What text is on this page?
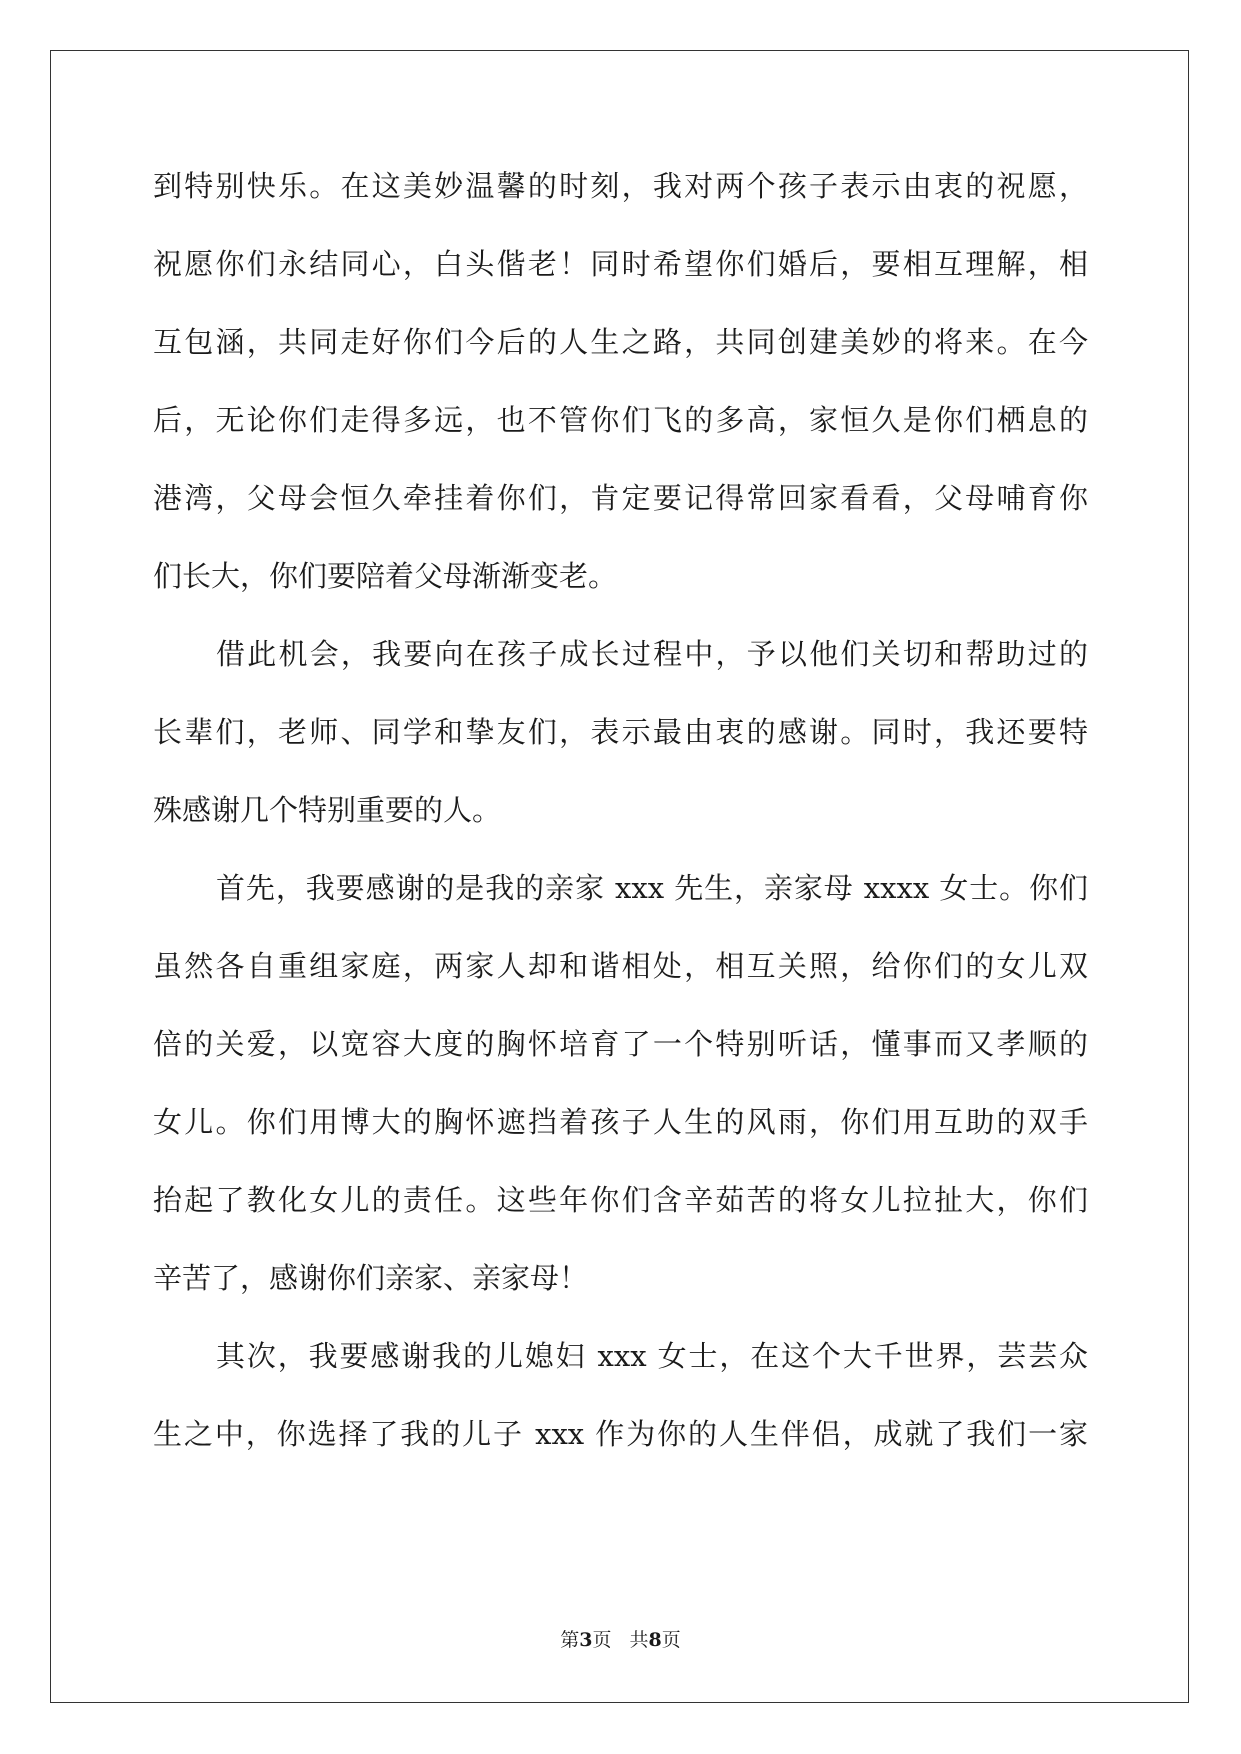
到特别快乐。在这美妙温馨的时刻，我对两个孩子表示由衷的祝愿，
祝愿你们永结同心，白头偕老！同时希望你们婚后，要相互理解，相
互包涵，共同走好你们今后的人生之路，共同创建美妙的将来。在今
后，无论你们走得多远，也不管你们飞的多高，家恒久是你们栖息的
港湾，父母会恒久牵挂着你们，肯定要记得常回家看看，父母哺育你
们长大，你们要陪着父母渐渐变老。
借此机会，我要向在孩子成长过程中，予以他们关切和帮助过的
长辈们，老师、同学和挚友们，表示最由衷的感谢。同时，我还要特
殊感谢几个特别重要的人。
首先，我要感谢的是我的亲家 xxx 先生，亲家母 xxxx 女士。你们
虽然各自重组家庭，两家人却和谐相处，相互关照，给你们的女儿双
倍的关爱，以宽容大度的胸怀培育了一个特别听话，懂事而又孝顺的
女儿。你们用博大的胸怀遮挡着孩子人生的风雨，你们用互助的双手
抬起了教化女儿的责任。这些年你们含辛茹苦的将女儿拉扯大，你们
辛苦了，感谢你们亲家、亲家母！
其次，我要感谢我的儿媳妇 xxx 女士，在这个大千世界，芸芸众
生之中，你选择了我的儿子 xxx 作为你的人生伴侣，成就了我们一家
第3页 共8页
